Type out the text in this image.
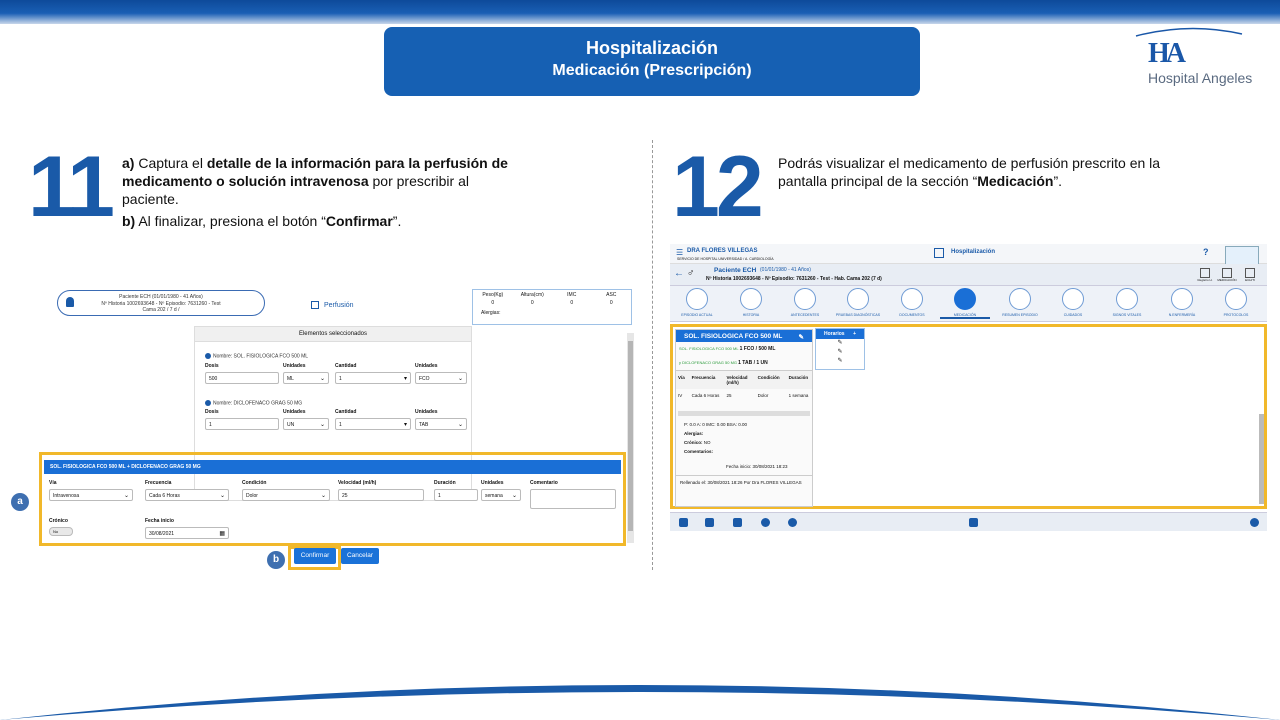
Hospitalización
Medicación (Prescripción)
HA
Hospital Angeles
11 a) Captura el detalle de la información para la perfusión de medicamento o solución intravenosa por prescribir al paciente.

b) Al finalizar, presiona el botón “Confirmar”.	12 Podrás visualizar el medicamento de perfusión prescrito en la pantalla principal de la sección “Medicación”.
Paciente ECH (01/01/1980 - 41 Años)
Nº Historia 1002693648 - Nº Episodio: 7631260 - Test
Cama 202 / 7 d /
Perfusión
Peso(Kg)	Altura(cm)	IMC	ASC
0	0	0	0
Alergias:
Elementos seleccionados
Nombre: SOL. FISIOLOGICA FCO 500 ML
Dosis
500
Unidades
ML	⌄
Cantidad
1	▾
Unidades
FCO	⌄
Nombre: DICLOFENACO GRAG 50 MG
Dosis
1
Unidades
UN	⌄
Cantidad
1	▾
Unidades
TAB	⌄
SOL. FISIOLOGICA FCO 500 ML + DICLOFENACO GRAG 50 MG
Vía
Intravenosa	⌄
Frecuencia
Cada 6 Horas	⌄
Condición
Dolor	⌄
Velocidad (ml/h)
25
Duración
1
Unidades
semana ⌄
Comentario
Crónico
No
Fecha inicio
30/08/2021	▦
a
b	Confirmar	Cancelar
☰ DRA FLORES VILLEGAS
SERVICIO DE HOSPITAL UNIVERSIDAD / A. CARDIOLOGÍA
Hospitalización	?
← ♂	Paciente ECH (01/01/1980 - 41 Años)
Nº Historia 1002693648 - Nº Episodio: 7631260 - Test - Hab. Cama 202 (7 d)	Registro H.	MEDICACIÓN	ECH/TI
EPISODIO ACTUAL	HISTORIA	ANTECEDENTES	PRUEBAS DIAGNÓSTICAS	DOCUMENTOS	MEDICACIÓN	RESUMEN EPISODIO	CUIDADOS	SIGNOS VITALES	N.ENFERMERÍA	PROTOCOLOS
SOL. FISIOLOGICA FCO 500 ML ✎
SOL. FISIOLOGICA FCO 500 ML 1 FCO / 500 ML
y DICLOFENACO GRAG 50 MG 1 TAB / 1 UN
Vía	Frecuencia	Velocidad (ml/h)
Condición	Duración
IV	Cada 6 Horas	25	Dolor	1 semana
P: 0.0 A: 0 IMC: 0.00 BSA: 0.00
Alergias:
Crónico: NO
Comentarios:
Fecha inicio: 30/08/2021 18:23
Rellenado el: 30/08/2021 18:26 Por Dra FLORES VILLEGAS
Horarios +
✎
✎
✎
